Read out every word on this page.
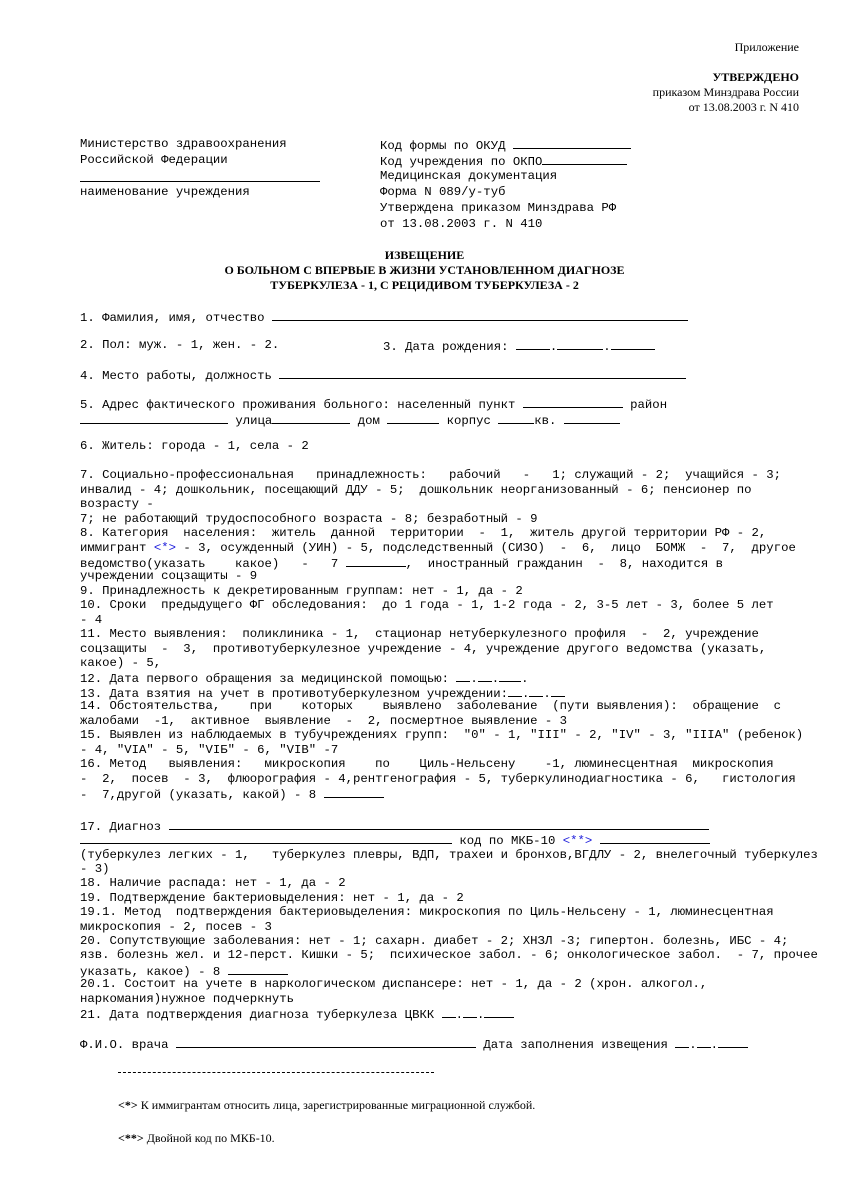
Приложение
УТВЕРЖДЕНО
приказом Минздрава России
от 13.08.2003 г. N 410
Министерство здравоохранения
Российской Федерации
наименование учреждения
Код формы по ОКУД
Код учреждения по ОКПО
Медицинская документация
Форма N 089/у-туб
Утверждена приказом Минздрава РФ
от 13.08.2003 г. N 410
ИЗВЕЩЕНИЕ
О БОЛЬНОМ С ВПЕРВЫЕ В ЖИЗНИ УСТАНОВЛЕННОМ ДИАГНОЗЕ
ТУБЕРКУЛЕЗА - 1, С РЕЦИДИВОМ ТУБЕРКУЛЕЗА - 2
1. Фамилия, имя, отчество
2. Пол: муж. - 1, жен. - 2.	3. Дата рождения:	.	.
4. Место работы, должность
5. Адрес фактического проживания больного: населенный пункт	район
улица	дом	корпус	кв.
6. Житель: города - 1, села - 2
7. Социально-профессиональная   принадлежность:   рабочий   -   1; служащий - 2;  учащийся - 3;
инвалид - 4; дошкольник, посещающий ДДУ - 5;  дошкольник неорганизованный - 6; пенсионер по
возрасту -
7; не работающий трудоспособного возраста - 8; безработный - 9
8. Категория  населения:  житель  данной  территории  -  1,  житель другой территории РФ - 2,
иммигрант <*> - 3, осужденный (УИН) - 5, подследственный (СИЗО)  -  6,  лицо  БОМЖ  -  7,  другое
ведомство(указать    какое)   -   7	,  иностранный гражданин  -  8, находится в
учреждении соцзащиты - 9
9. Принадлежность к декретированным группам: нет - 1, да - 2
10. Сроки  предыдущего ФГ обследования:  до 1 года - 1, 1-2 года - 2, 3-5 лет - 3, более 5 лет
- 4
11. Место выявления:  поликлиника - 1,  стационар нетуберкулезного профиля  -  2, учреждение
соцзащиты  -  3,  противотуберкулезное учреждение - 4, учреждение другого ведомства (указать,
какое) - 5,
12. Дата первого обращения за медицинской помощью: . . .
13. Дата взятия на учет в противотуберкулезном учреждении: . .
14. Обстоятельства,    при    которых    выявлено  заболевание  (пути выявления):  обращение  с
жалобами  -1,  активное  выявление  -  2, посмертное выявление - 3
15. Выявлен из наблюдаемых в тубучреждениях групп:  "0" - 1, "III" - 2, "IV" - 3, "IIIА" (ребенок)
- 4, "VIA" - 5, "VIБ" - 6, "VIВ" -7
16. Метод   выявления:   микроскопия    по    Циль-Нельсену    -1, люминесцентная  микроскопия
-  2,  посев  - 3,  флюорография - 4,рентгенография - 5, туберкулинодиагностика - 6,   гистология
-  7,другой (указать, какой) - 8
17. Диагноз
код по МКБ-10 <**>
(туберкулез легких - 1,   туберкулез плевры, ВДП, трахеи и бронхов,ВГДЛУ - 2, внелегочный туберкулез
- 3)
18. Наличие распада: нет - 1, да - 2
19. Подтверждение бактериовыделения: нет - 1, да - 2
19.1. Метод  подтверждения бактериовыделения: микроскопия по Циль-Нельсену - 1, люминесцентная
микроскопия - 2, посев - 3
20. Сопутствующие заболевания: нет - 1; сахарн. диабет - 2; ХНЗЛ -3; гипертон. болезнь, ИБС - 4;
язв. болезнь жел. и 12-перст. Кишки - 5;  психическое забол. - 6; онкологическое забол.  - 7, прочее
указать, какое) - 8
20.1. Состоит на учете в наркологическом диспансере: нет - 1, да - 2 (хрон. алкогол.,
наркомания)нужное подчеркнуть
21. Дата подтверждения диагноза туберкулеза ЦВКК . .
Ф.И.О. врача	Дата заполнения извещения . .
<*> К иммигрантам относить лица, зарегистрированные миграционной службой.
<**> Двойной код по МКБ-10.
